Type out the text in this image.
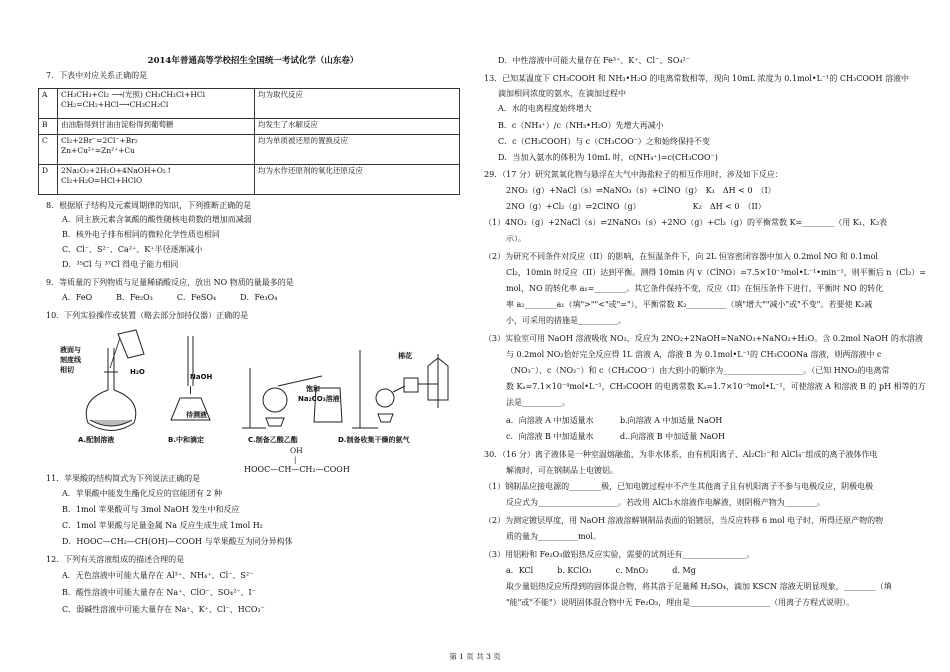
2014年普通高等学校招生全国统一考试化学（山东卷）
7．下表中对应关系正确的是
A	CH₃CH₃+Cl₂ ⟶(光照) CH₃CH₂Cl+HCl
CH₂=CH₂+HCl⟶CH₃CH₂Cl	均为取代反应
B	由油脂得到甘油由淀粉得到葡萄糖	均发生了水解反应
C	Cl₂+2Br⁻=2Cl⁻+Br₂
Zn+Cu²⁺=Zn²⁺+Cu	均为单质被还原的置换反应
D	2Na₂O₂+2H₂O+4NaOH+O₂↑
Cl₂+H₂O=HCl+HClO	均为水作还原剂的氧化还原反应
8．根据原子结构及元素周期律的知识，下列推断正确的是
A．同主族元素含氧酸的酸性随核电荷数的增加而减弱
B．核外电子排布相同的微粒化学性质也相同
C．Cl⁻、S²⁻、Ca²⁺、K⁺半径逐渐减小
D．³⁵Cl 与 ³⁷Cl 得电子能力相同
9．等质量的下列物质与足量稀硝酸反应，放出 NO 物质的量最多的是
A．FeO　　　B．Fe₂O₃　　　C．FeSO₄　　　D．Fe₃O₄
10．下列实验操作或装置（略去部分加持仪器）正确的是
液面与
刻度线
相切	H₂O
NaOH
待测液
饱和
Na₂CO₃溶液
棉花
A.配制溶液	B.中和滴定	C.制备乙酸乙酯	D.制备收集干燥的氨气
OH
|
HOOC—CH—CH₂—COOH
11．苹果酸的结构简式为下列说法正确的是
A．苹果酸中能发生酯化反应的官能团有 2 种
B．1mol 苹果酸可与 3mol NaOH 发生中和反应
C．1mol 苹果酸与足量金属 Na 反应生成生成 1mol H₂
D．HOOC—CH₂—CH(OH)—COOH 与苹果酸互为同分异构体
12．下列有关溶液组成的描述合理的是
A．无色溶液中可能大量存在 Al³⁺、NH₄⁺、Cl⁻、S²⁻
B．酸性溶液中可能大量存在 Na⁺、ClO⁻、SO₄²⁻、I⁻
C．弱碱性溶液中可能大量存在 Na⁺、K⁺、Cl⁻、HCO₃⁻
D．中性溶液中可能大量存在 Fe³⁺、K⁺、Cl⁻、SO₄²⁻
13．已知某温度下 CH₃COOH 和 NH₃•H₂O 的电离常数相等，现向 10mL 浓度为 0.1mol•L⁻¹的 CH₃COOH 溶液中
滴加相同浓度的氨水，在滴加过程中
A．水的电离程度始终增大
B．c（NH₄⁺）/c（NH₃•H₂O）先增大再减小
C．c（CH₃COOH）与 c（CH₃COO⁻）之和始终保持不变
D．当加入氨水的体积为 10mL 时，c(NH₄⁺)=c(CH₃COO⁻)
29．（17 分）研究氮氧化物与悬浮在大气中海盐粒子的相互作用时，涉及如下反应：
2NO₂（g）+NaCl（s）⇌NaNO₃（s）+ClNO（g）　K₁　ΔH < 0　（I）
2NO（g）+Cl₂（g）⇌2ClNO（g）　　　　　　　K₂　ΔH < 0　（II）
（1）4NO₂（g）+2NaCl（s）⇌2NaNO₃（s）+2NO（g）+Cl₂（g）的平衡常数 K=________（用 K₁、K₂表
示）。
（2）为研究不同条件对反应（II）的影响，在恒温条件下，向 2L 恒容密闭容器中加入 0.2mol NO 和 0.1mol
Cl₂，10min 时反应（II）达到平衡。测得 10min 内 v（ClNO）=7.5×10⁻³mol•L⁻¹•min⁻¹，则平衡后 n（Cl₂）=
mol，NO 的转化率 a₁=________。其它条件保持不变，反应（II）在恒压条件下进行，平衡时 NO 的转化
率 a₂________a₁（填">""<"或"="），平衡常数 K₂__________（填"增大""减小"或"不变"。若要使 K₂减
小，可采用的措施是__________。
（3）实验室可用 NaOH 溶液吸收 NO₂，反应为 2NO₂+2NaOH=NaNO₃+NaNO₂+H₂O。含 0.2mol NaOH 的水溶液
与 0.2mol NO₂恰好完全反应得 1L 溶液 A，溶液 B 为 0.1mol•L⁻¹的 CH₃COONa 溶液，则两溶液中 c
（NO₃⁻）、c（NO₂⁻）和 c（CH₃COO⁻）由大到小的顺序为____________________。（已知 HNO₂的电离常
数 Kₐ=7.1×10⁻⁴mol•L⁻¹，CH₃COOH 的电离常数 Kₐ=1.7×10⁻⁵mol•L⁻¹，可使溶液 A 和溶液 B 的 pH 相等的方
法是__________。
a．向溶液 A 中加适量水	b.向溶液 A 中加适量 NaOH
c．向溶液 B 中加适量水	d..向溶液 B 中加适量 NaOH
30．（16 分）离子液体是一种室温熔融盐，为非水体系，由有机阳离子、Al₂Cl₇⁻和 AlCl₄⁻组成的离子液体作电
解液时，可在钢制品上电镀铝。
（1）钢制品应接电源的________极，已知电镀过程中不产生其他离子且有机阳离子不参与电极反应，阴极电极
反应式为____________________。若改用 AlCl₃水溶液作电解液，则阴极产物为________。
（2）为测定镀层厚度，用 NaOH 溶液溶解钢制品表面的铝镀层，当反应转移 6 mol 电子时，所得还原产物的物
质的量为__________mol。
（3）用铝粉和 Fe₂O₃做铝热反应实验，需要的试剂还有________________。
a．KCl　　　b. KClO₃　　　c. MnO₂　　　d. Mg
取少量铝热反应所得到的固体混合物，将其溶于足量稀 H₂SO₄，滴加 KSCN 溶液无明显现象，________（填
"能"或"不能"）说明固体混合物中无 Fe₂O₃，理由是____________________（用离子方程式说明）。
第 1 页 共 3 页
